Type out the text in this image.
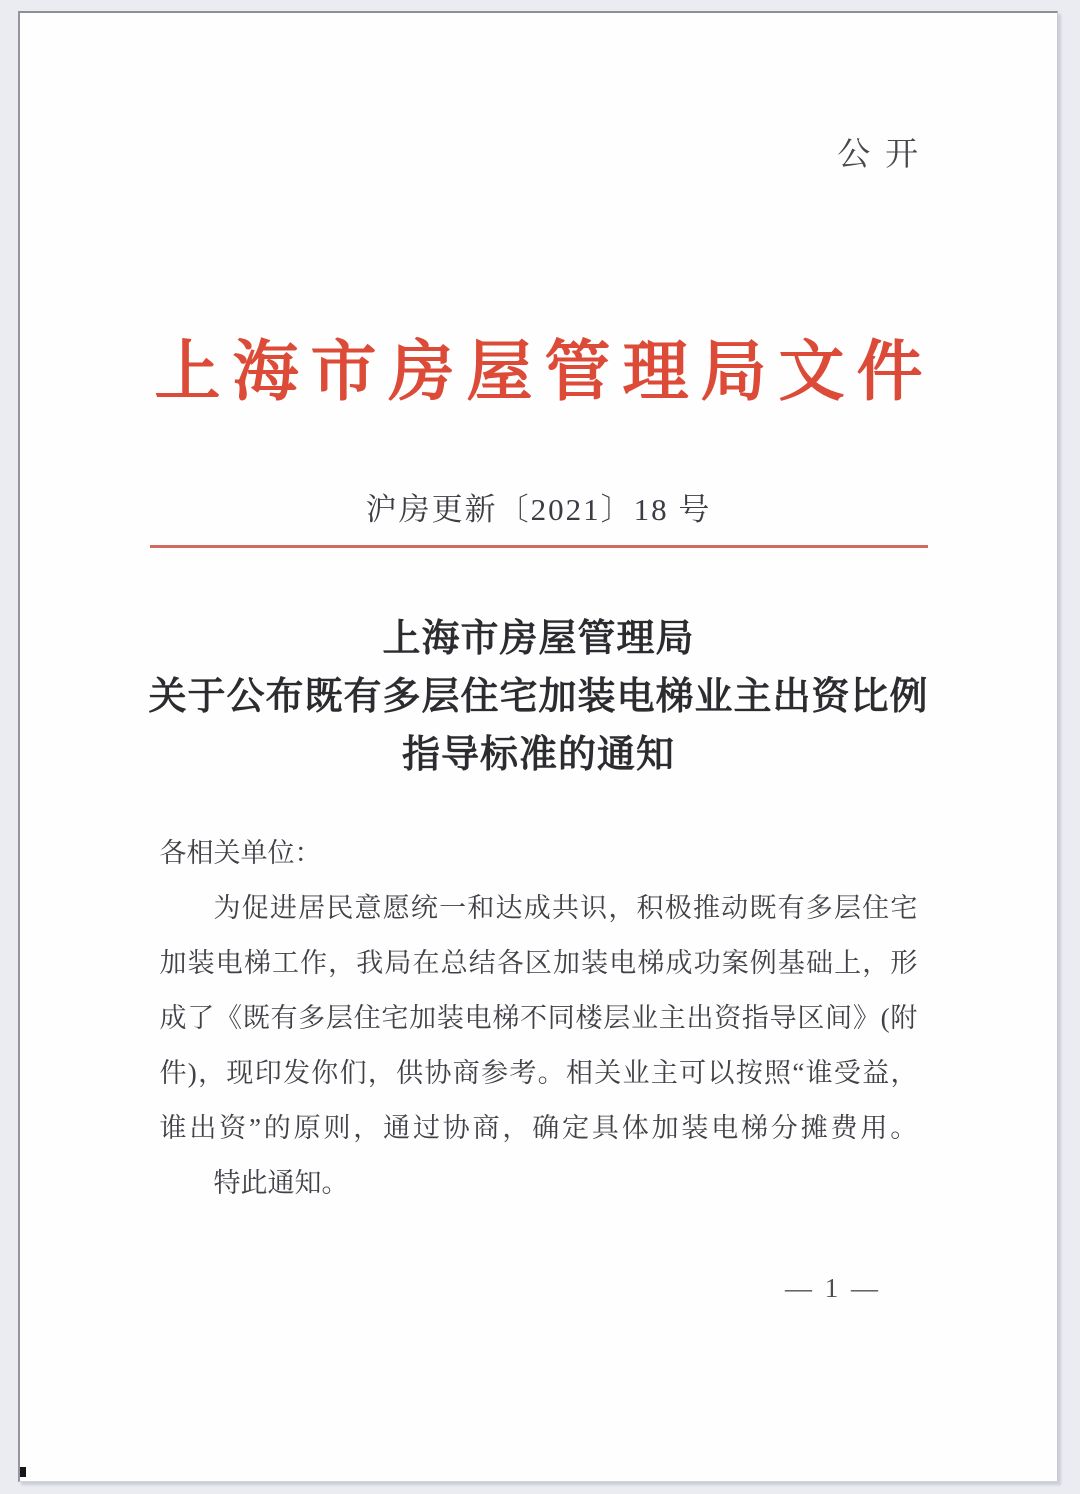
公开
上海市房屋管理局文件
沪房更新〔2021〕18 号
上海市房屋管理局
关于公布既有多层住宅加装电梯业主出资比例
指导标准的通知
各相关单位：
为 促 进 居 民 意 愿 统 一 和 达 成 共 识 ， 积 极 推 动 既 有 多 层 住 宅
加 装 电 梯 工 作 ， 我 局 在 总 结 各 区 加 装 电 梯 成 功 案 例 基 础 上 ， 形
成 了 《 既 有 多 层 住 宅 加 装 电 梯 不 同 楼 层 业 主 出 资 指 导 区 间 》 ( 附
件 ) ， 现 印 发 你 们 ， 供 协 商 参 考 。 相 关 业 主 可 以 按 照 “ 谁 受 益 ，
谁 出 资 ” 的 原 则 ， 通 过 协 商 ， 确 定 具 体 加 装 电 梯 分 摊 费 用 。
特此通知。
— 1 —
